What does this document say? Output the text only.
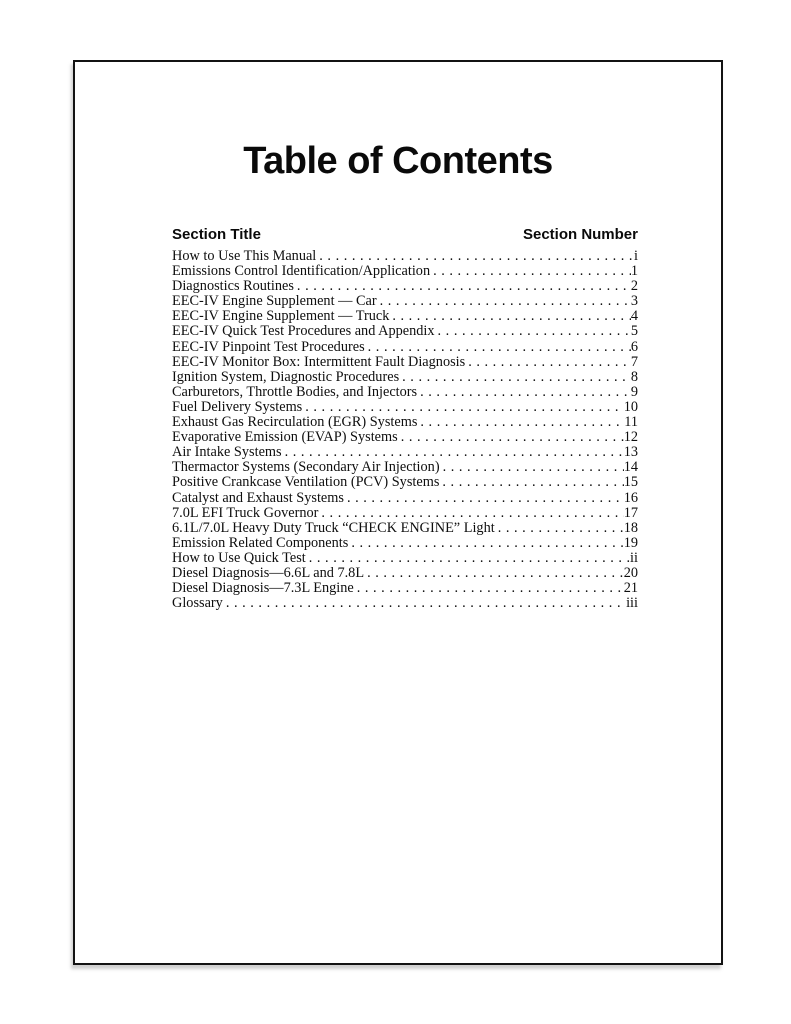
Table of Contents
Section Title	Section Number
How to Use This Manual . . .	i
Emissions Control Identification/Application . . .	1
Diagnostics Routines . . .	2
EEC-IV Engine Supplement — Car . . .	3
EEC-IV Engine Supplement — Truck . . .	4
EEC-IV Quick Test Procedures and Appendix . . .	5
EEC-IV Pinpoint Test Procedures . . .	6
EEC-IV Monitor Box: Intermittent Fault Diagnosis . . .	7
Ignition System, Diagnostic Procedures . . .	8
Carburetors, Throttle Bodies, and Injectors . . .	9
Fuel Delivery Systems . . .	10
Exhaust Gas Recirculation (EGR) Systems . . .	11
Evaporative Emission (EVAP) Systems . . .	12
Air Intake Systems . . .	13
Thermactor Systems (Secondary Air Injection) . . .	14
Positive Crankcase Ventilation (PCV) Systems . . .	15
Catalyst and Exhaust Systems . . .	16
7.0L EFI Truck Governor . . .	17
6.1L/7.0L Heavy Duty Truck “CHECK ENGINE” Light . . .	18
Emission Related Components . . .	19
How to Use Quick Test . . .	ii
Diesel Diagnosis—6.6L and 7.8L . . .	20
Diesel Diagnosis—7.3L Engine . . .	21
Glossary . . .	iii
